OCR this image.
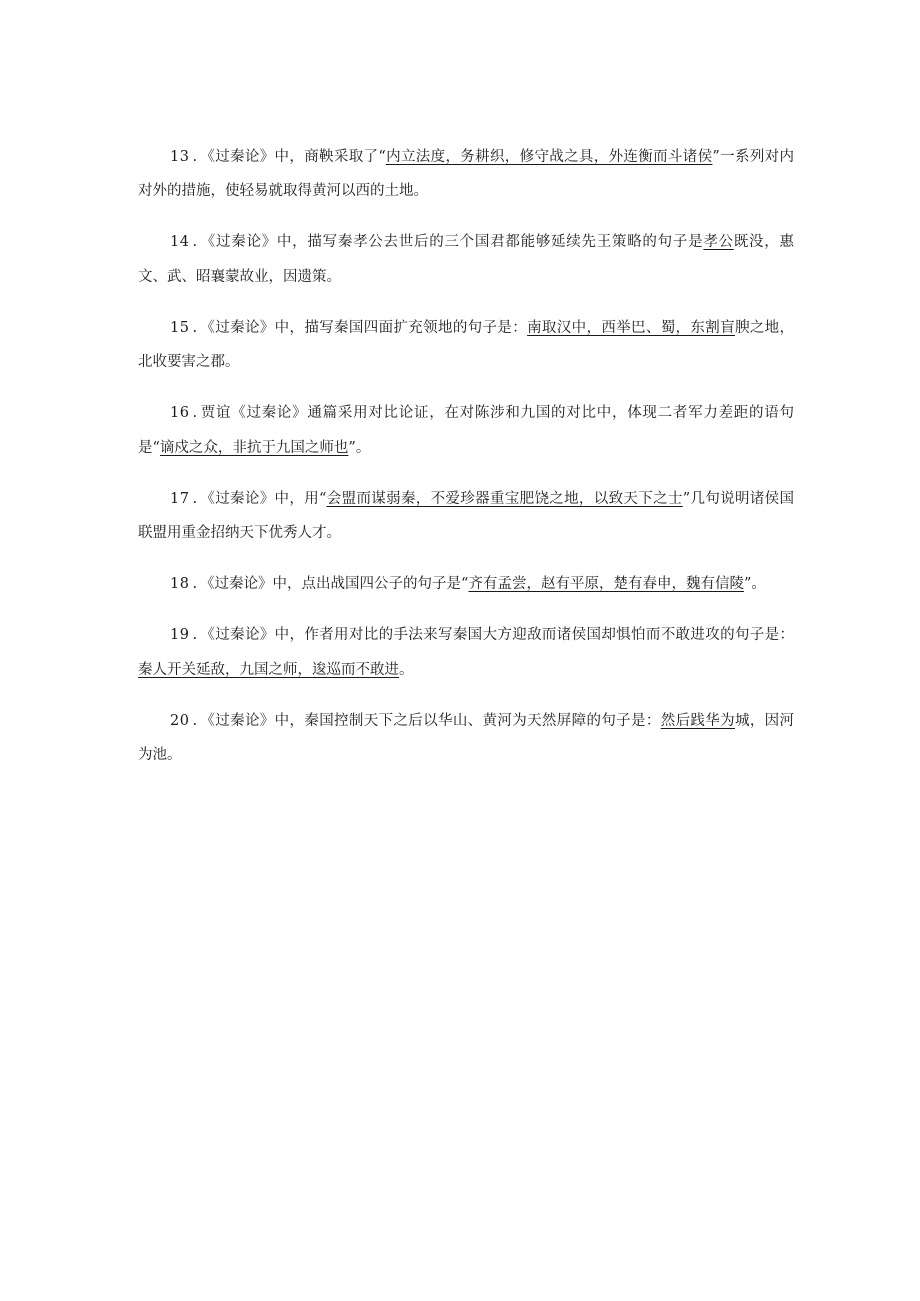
13 . 《过秦论》中，商鞅采取了“内立法度，务耕织，修守战之具，外连衡而斗诸侯”一系列对内对外的措施，使轻易就取得黄河以西的土地。

14 . 《过秦论》中，描写秦孝公去世后的三个国君都能够延续先王策略的句子是孝公既没，惠文、武、昭襄蒙故业，因遗策。

15 . 《过秦论》中，描写秦国四面扩充领地的句子是：南取汉中，西举巴、蜀，东割盲腴之地，北收要害之郡。

16 . 贾谊《过秦论》通篇采用对比论证，在对陈涉和九国的对比中，体现二者军力差距的语句是“谪戍之众，非抗于九国之师也”。

17 . 《过秦论》中，用“会盟而谋弱秦，不爱珍器重宝肥饶之地，以致天下之士”几句说明诸侯国联盟用重金招纳天下优秀人才。

18 . 《过秦论》中，点出战国四公子的句子是“齐有孟尝，赵有平原，楚有春申，魏有信陵”。

19 . 《过秦论》中，作者用对比的手法来写秦国大方迎敌而诸侯国却惧怕而不敢进攻的句子是：秦人开关延敌，九国之师，逡巡而不敢进。

20 . 《过秦论》中，秦国控制天下之后以华山、黄河为天然屏障的句子是：然后践华为城，因河为池。
